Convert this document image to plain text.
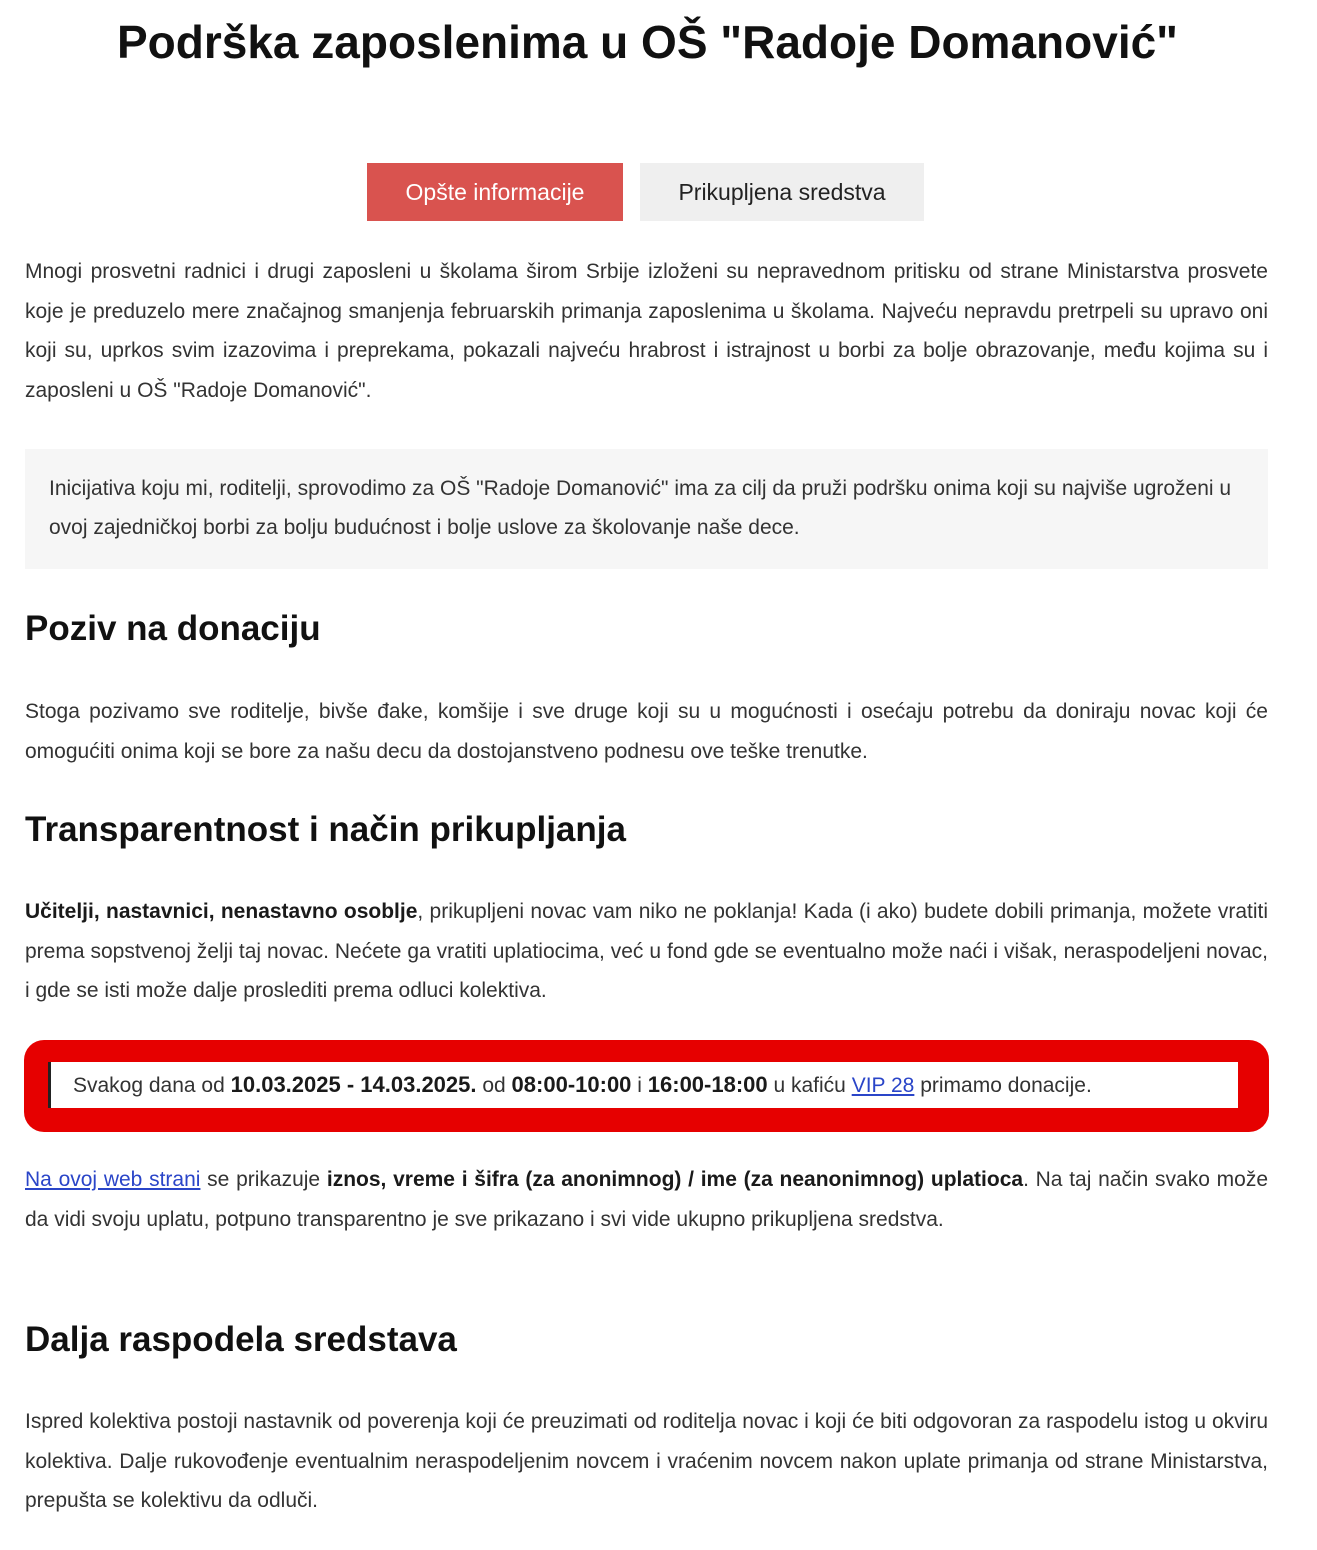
Podrška zaposlenima u OŠ "Radoje Domanović"
Opšte informacije	Prikupljena sredstva

Mnogi prosvetni radnici i drugi zaposleni u školama širom Srbije izloženi su nepravednom pritisku od strane Ministarstva prosvete koje je preduzelo mere značajnog smanjenja februarskih primanja zaposlenima u školama. Najveću nepravdu pretrpeli su upravo oni koji su, uprkos svim izazovima i preprekama, pokazali najveću hrabrost i istrajnost u borbi za bolje obrazovanje, među kojima su i zaposleni u OŠ "Radoje Domanović".

Inicijativa koju mi, roditelji, sprovodimo za OŠ "Radoje Domanović" ima za cilj da pruži podršku onima koji su najviše ugroženi u ovoj zajedničkoj borbi za bolju budućnost i bolje uslove za školovanje naše dece.

Poziv na donaciju

Stoga pozivamo sve roditelje, bivše đake, komšije i sve druge koji su u mogućnosti i osećaju potrebu da doniraju novac koji će omogućiti onima koji se bore za našu decu da dostojanstveno podnesu ove teške trenutke.

Transparentnost i način prikupljanja

Učitelji, nastavnici, nenastavno osoblje, prikupljeni novac vam niko ne poklanja! Kada (i ako) budete dobili primanja, možete vratiti prema sopstvenoj želji taj novac. Nećete ga vratiti uplatiocima, već u fond gde se eventualno može naći i višak, neraspodeljeni novac, i gde se isti može dalje proslediti prema odluci kolektiva.

Svakog dana od 10.03.2025 - 14.03.2025. od 08:00-10:00 i 16:00-18:00 u kafiću VIP 28 primamo donacije.

Na ovoj web strani se prikazuje iznos, vreme i šifra (za anonimnog) / ime (za neanonimnog) uplatioca. Na taj način svako može da vidi svoju uplatu, potpuno transparentno je sve prikazano i svi vide ukupno prikupljena sredstva.

Dalja raspodela sredstava

Ispred kolektiva postoji nastavnik od poverenja koji će preuzimati od roditelja novac i koji će biti odgovoran za raspodelu istog u okviru kolektiva. Dalje rukovođenje eventualnim neraspodeljenim novcem i vraćenim novcem nakon uplate primanja od strane Ministarstva, prepušta se kolektivu da odluči.
